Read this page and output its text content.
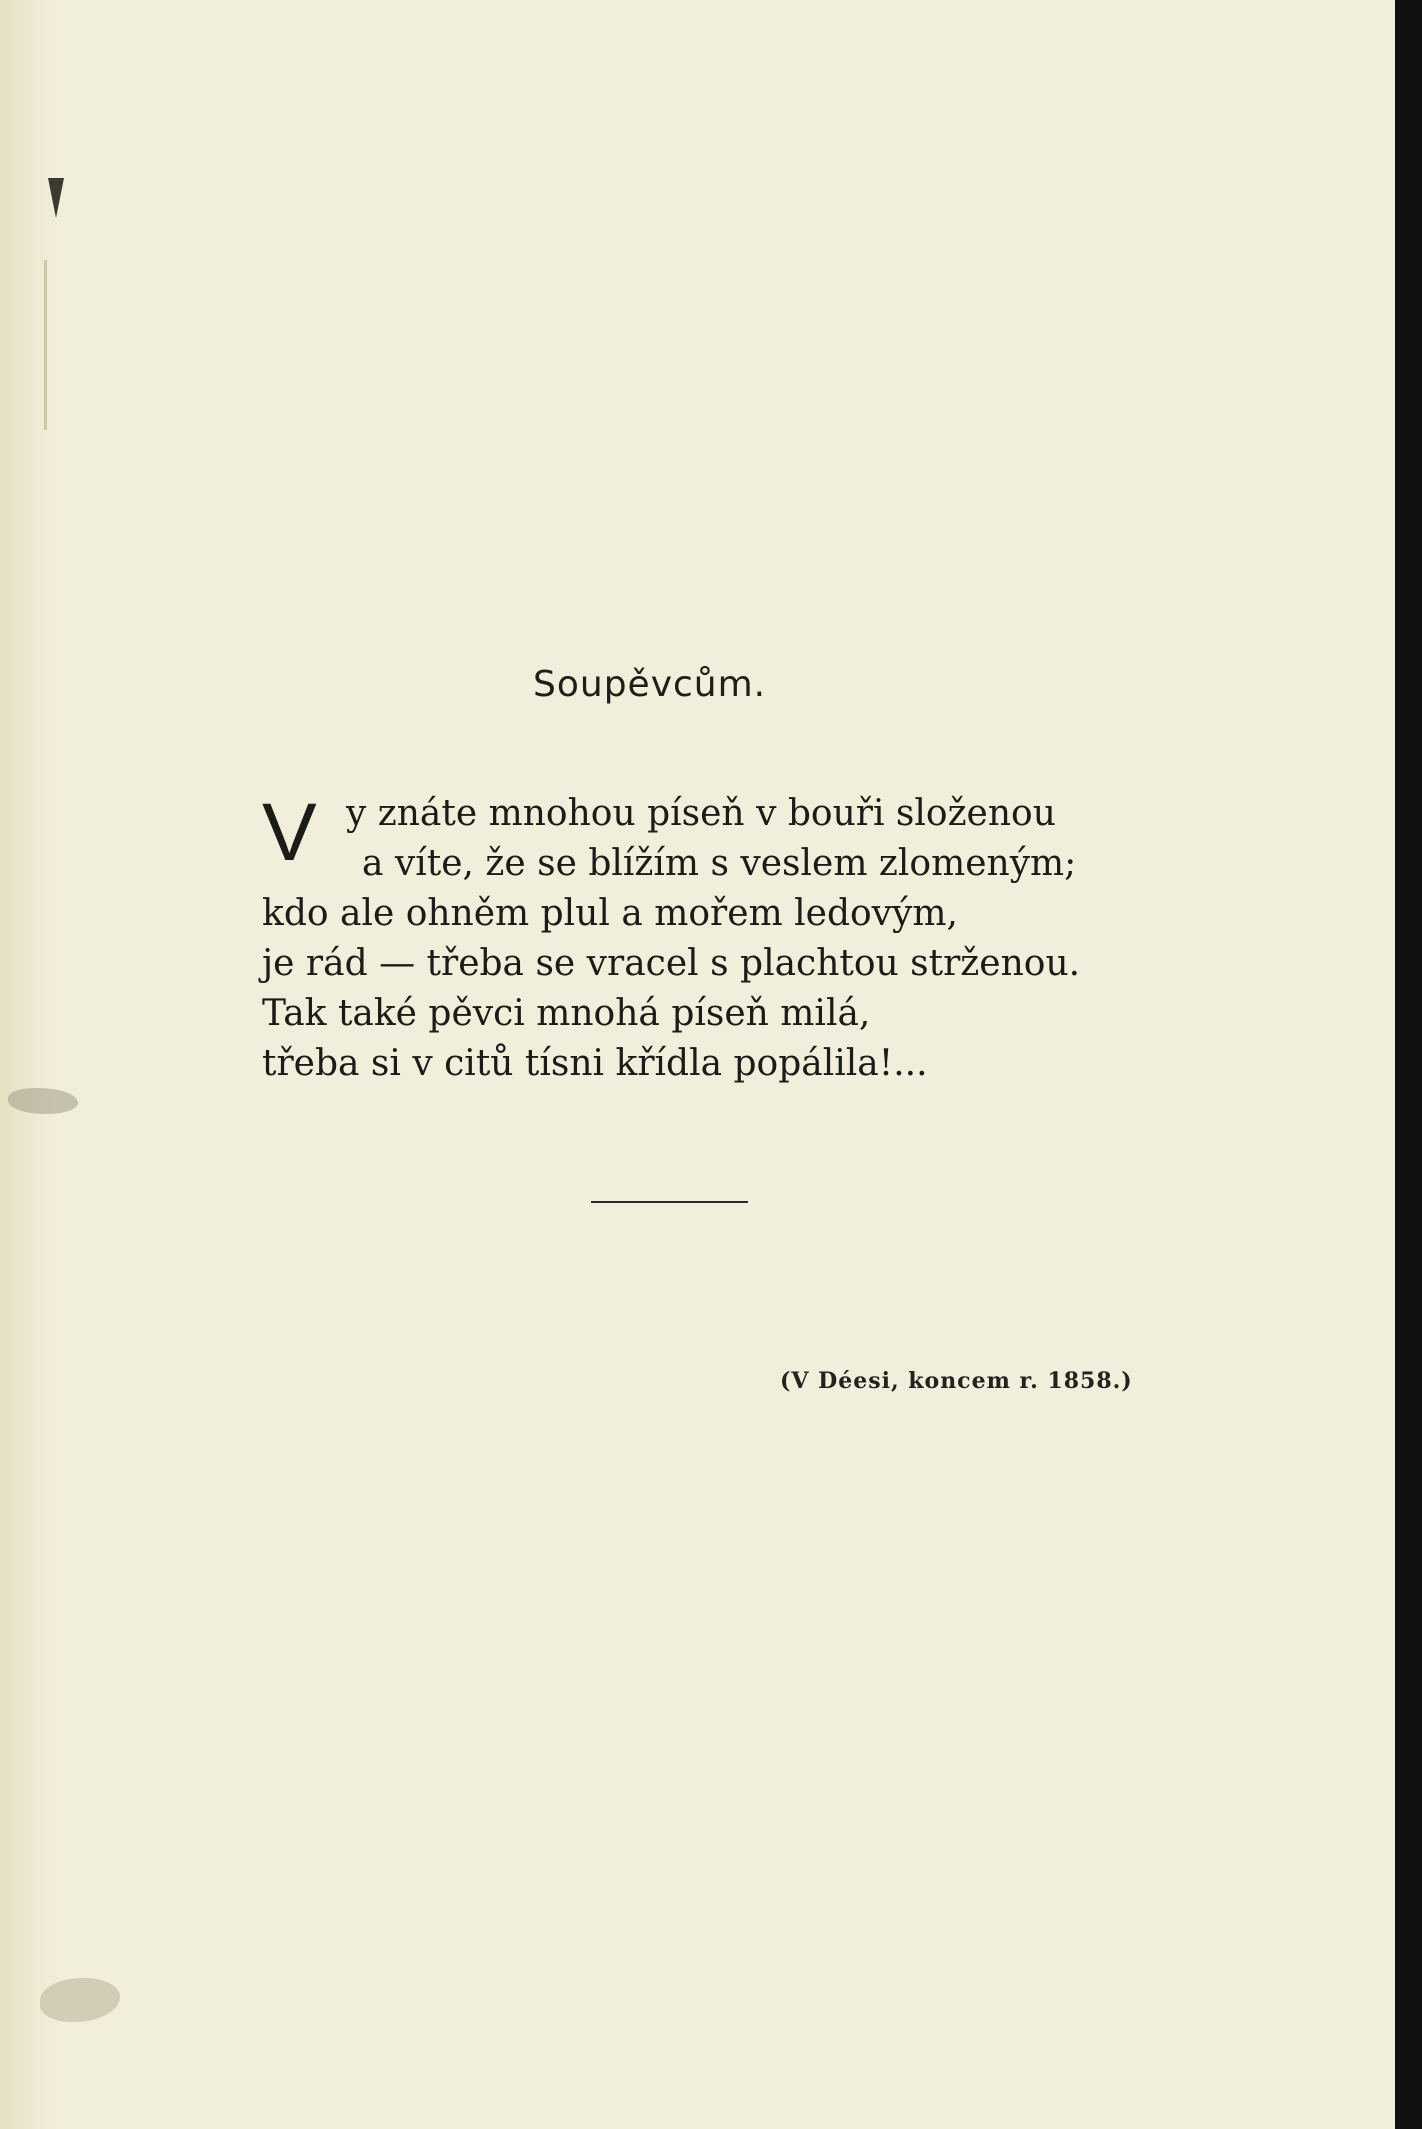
Soupěvcům.
V y znáte mnohou píseň v bouři složenou
a víte, že se blížím s veslem zlomeným;
kdo ale ohněm plul a mořem ledovým,
je rád — třeba se vracel s plachtou strženou.
Tak také pěvci mnohá píseň milá,
třeba si v citů tísni křídla popálila!...
(V Déesi, koncem r. 1858.)
